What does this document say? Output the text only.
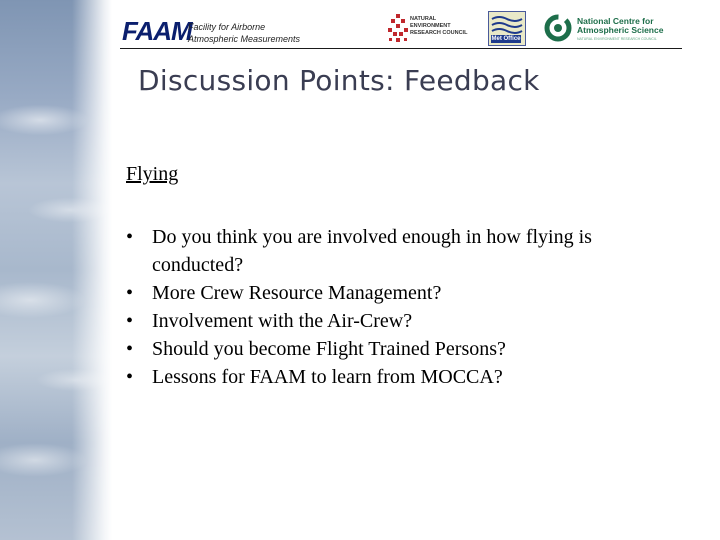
FAAM
Facility for Airborne
Atmospheric Measurements
NATURAL
ENVIRONMENT
RESEARCH COUNCIL
Met Office
National Centre for
Atmospheric Science
NATURAL ENVIRONMENT RESEARCH COUNCIL
Discussion Points: Feedback
Flying
• Do you think you are involved enough in how flying is conducted?
• More Crew Resource Management?
• Involvement with the Air-Crew?
• Should you become Flight Trained Persons?
• Lessons for FAAM to learn from MOCCA?
